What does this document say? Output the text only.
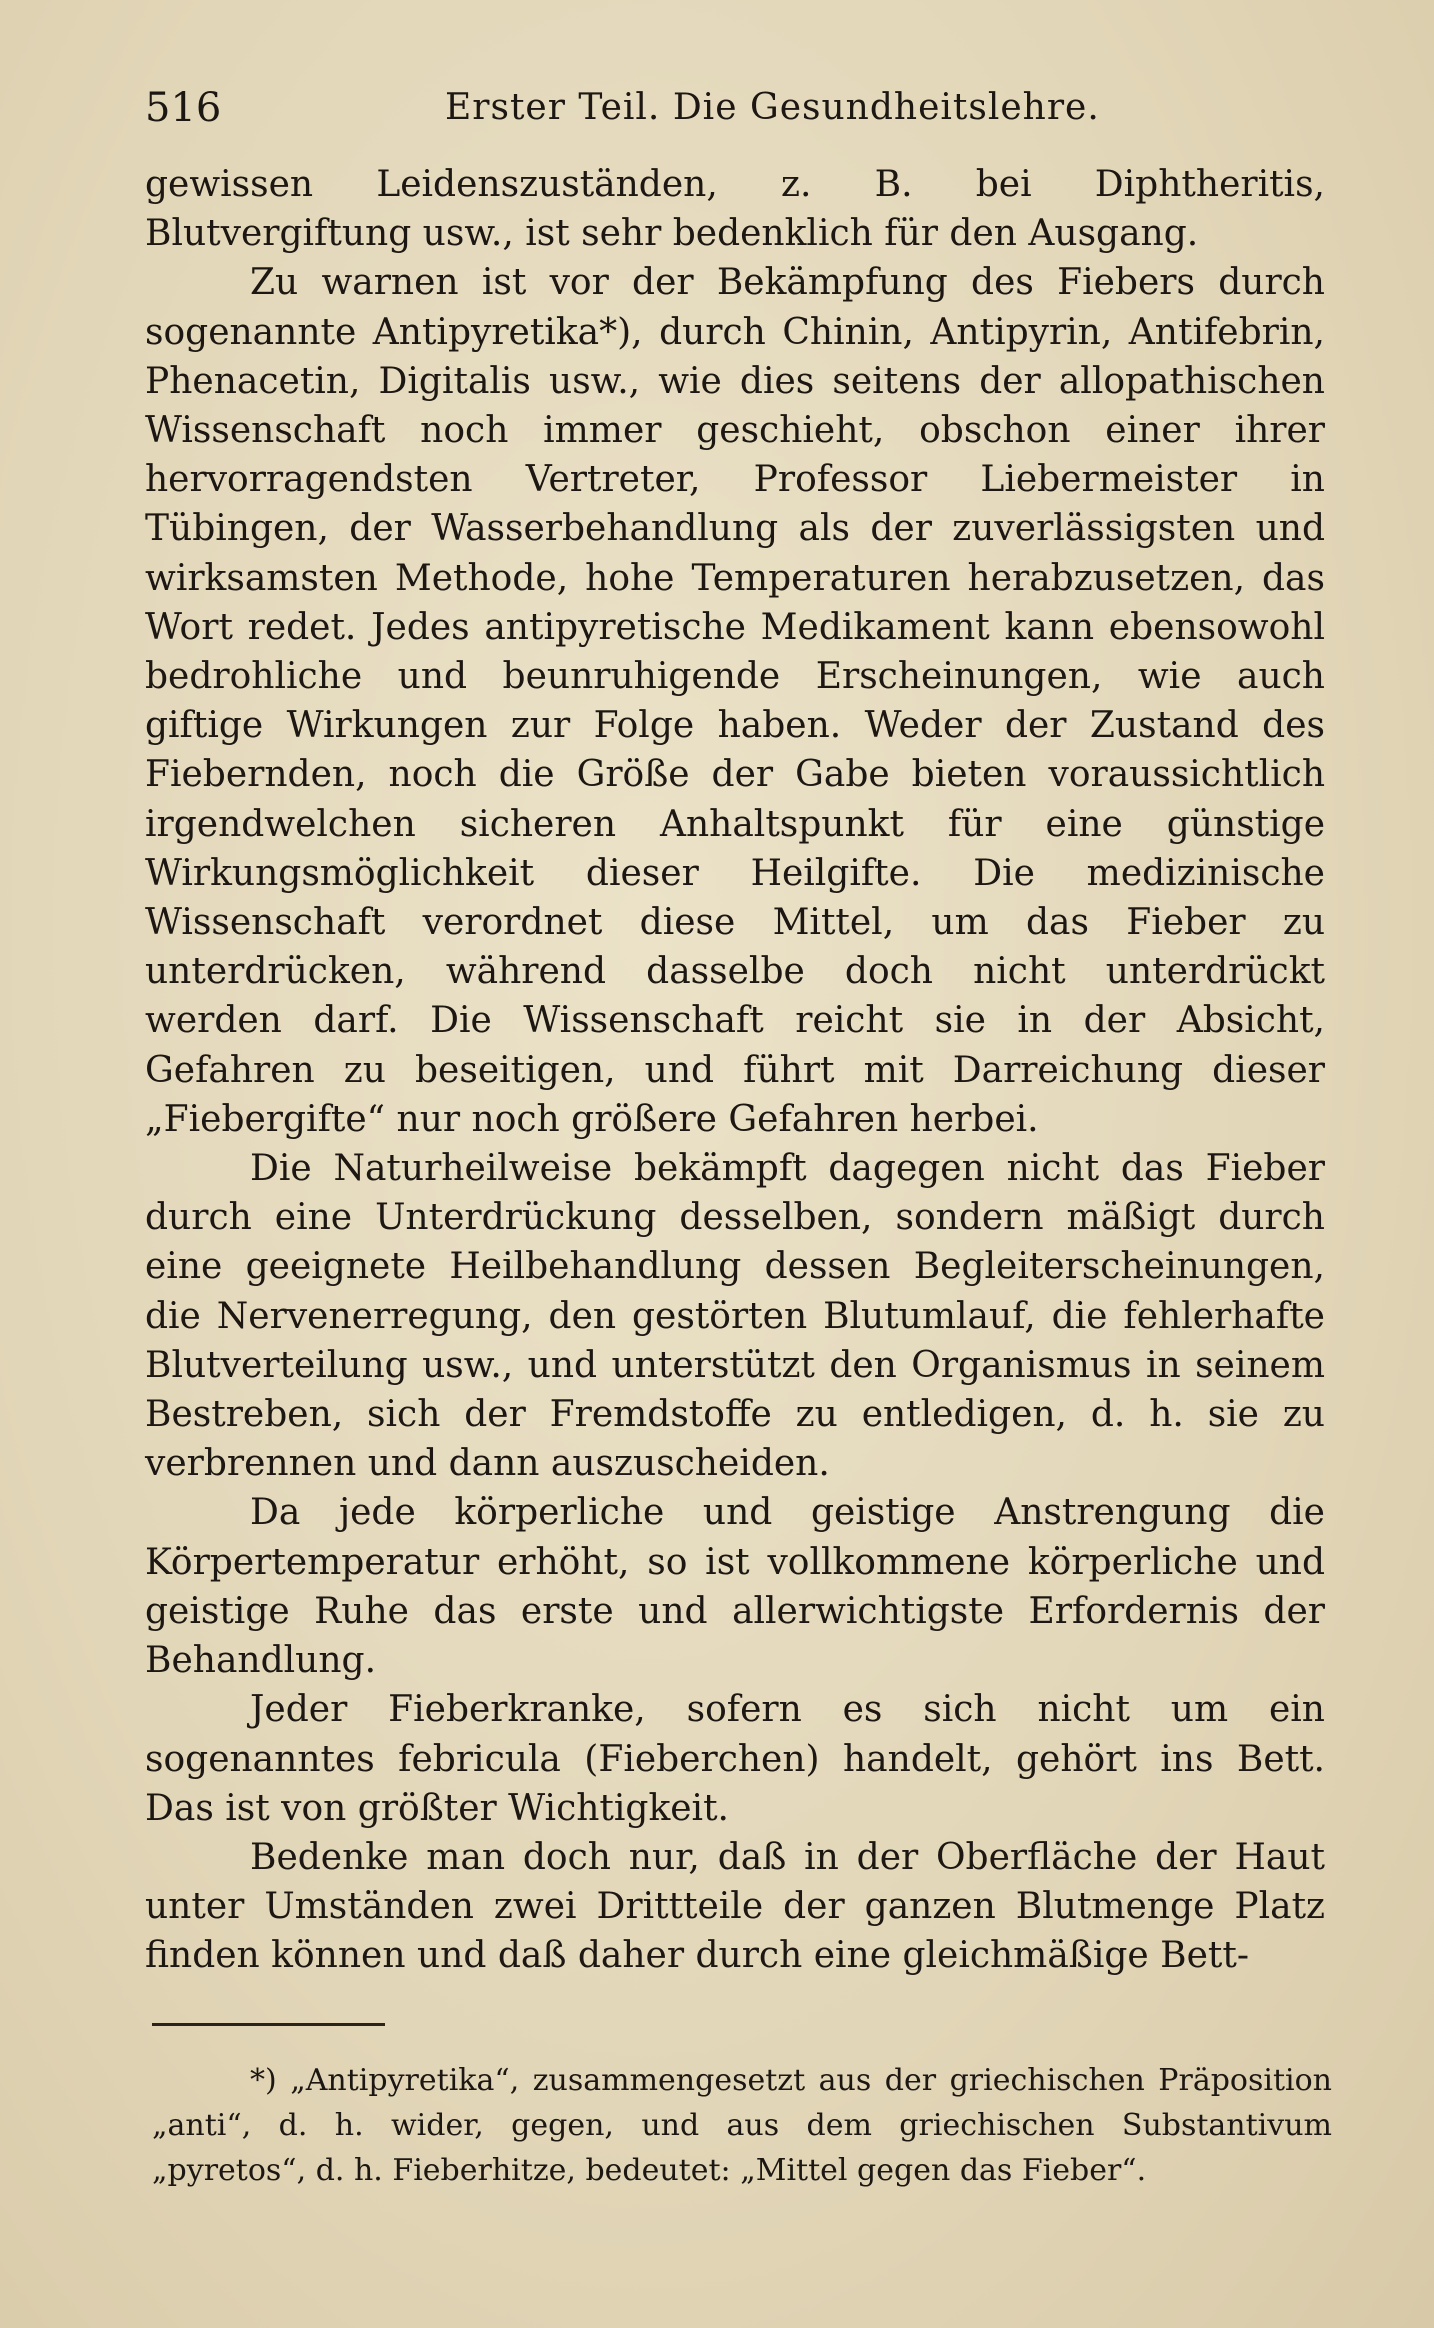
516	Erster Teil. Die Gesundheitslehre.

gewissen Leidenszuständen, z. B. bei Diphtheritis, Blutvergiftung usw., ist sehr bedenklich für den Ausgang.

Zu warnen ist vor der Bekämpfung des Fiebers durch sogenannte Antipyretika*), durch Chinin, Antipyrin, Antifebrin, Phenacetin, Digitalis usw., wie dies seitens der allopathischen Wissenschaft noch immer geschieht, obschon einer ihrer hervorragendsten Vertreter, Professor Liebermeister in Tübingen, der Wasserbehandlung als der zuverlässigsten und wirksamsten Methode, hohe Temperaturen herabzusetzen, das Wort redet. Jedes antipyretische Medikament kann ebensowohl bedrohliche und beunruhigende Erscheinungen, wie auch giftige Wirkungen zur Folge haben. Weder der Zustand des Fiebernden, noch die Größe der Gabe bieten voraussichtlich irgendwelchen sicheren Anhaltspunkt für eine günstige Wirkungsmöglichkeit dieser Heilgifte. Die medizinische Wissenschaft verordnet diese Mittel, um das Fieber zu unterdrücken, während dasselbe doch nicht unterdrückt werden darf. Die Wissenschaft reicht sie in der Absicht, Gefahren zu beseitigen, und führt mit Darreichung dieser „Fiebergifte“ nur noch größere Gefahren herbei.

Die Naturheilweise bekämpft dagegen nicht das Fieber durch eine Unterdrückung desselben, sondern mäßigt durch eine geeignete Heilbehandlung dessen Begleiterscheinungen, die Nervenerregung, den gestörten Blutumlauf, die fehlerhafte Blutverteilung usw., und unterstützt den Organismus in seinem Bestreben, sich der Fremdstoffe zu entledigen, d. h. sie zu verbrennen und dann auszuscheiden.

Da jede körperliche und geistige Anstrengung die Körpertemperatur erhöht, so ist vollkommene körperliche und geistige Ruhe das erste und allerwichtigste Erfordernis der Behandlung.

Jeder Fieberkranke, sofern es sich nicht um ein sogenanntes febricula (Fieberchen) handelt, gehört ins Bett. Das ist von größter Wichtigkeit.

Bedenke man doch nur, daß in der Oberfläche der Haut unter Umständen zwei Drittteile der ganzen Blutmenge Platz finden können und daß daher durch eine gleichmäßige Bett-

*) „Antipyretika“, zusammengesetzt aus der griechischen Präposition „anti“, d. h. wider, gegen, und aus dem griechischen Substantivum „pyretos“, d. h. Fieberhitze, bedeutet: „Mittel gegen das Fieber“.
